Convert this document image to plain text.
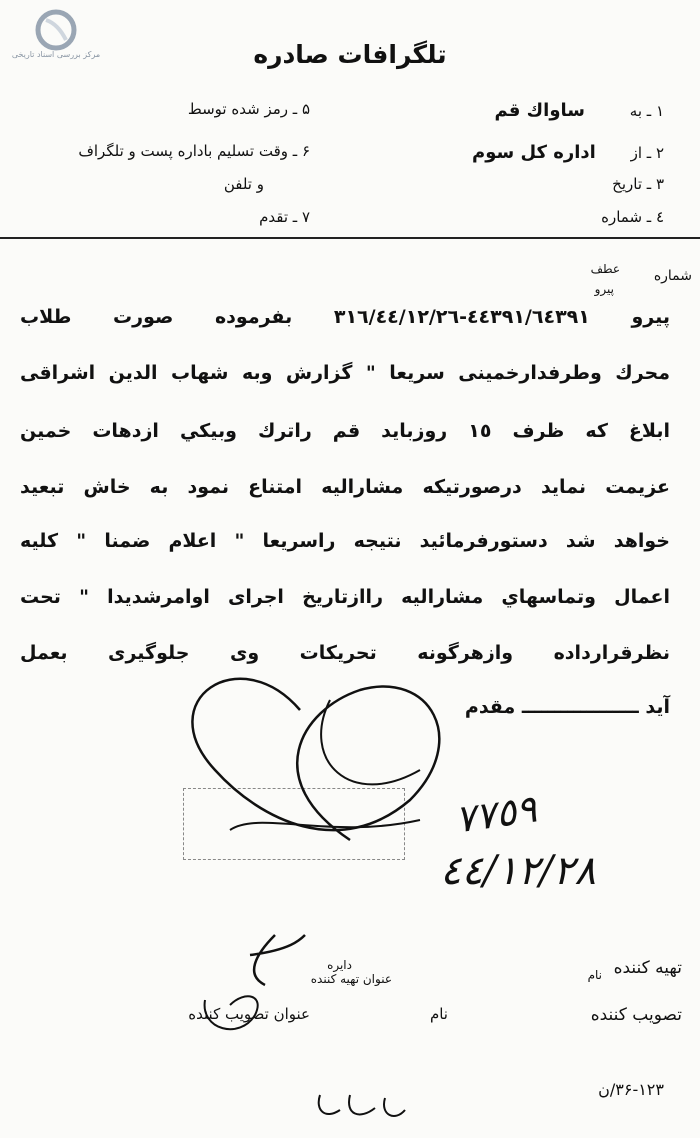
مرکز بررسی اسناد تاریخی	تلگرافات صادره
۱ ـ به ساواك قم
۲ ـ از اداره كل سوم
۳ ـ تاريخ
٤ ـ شماره
۵ ـ رمز شده توسط
۶ ـ وقت تسليم باداره پست و تلگراف
و تلفن
۷ ـ تقدم
شماره
عطف
پيرو
پيرو ٤٤٣٩١/٦٤٣٩١-٣١٦/٤٤/١٢/٢٦ بفرموده صورت طلاب
محرك وطرفدارخمينی سريعا " گزارش وبه شهاب الدين اشراقی
ابلاغ كه ظرف ١٥ روزبايد قم راترك وبيكي ازدهات خمين
عزيمت نمايد درصورتيكه مشاراليه امتناع نمود به خاش تبعيد
خواهد شد دستورفرمائيد نتيجه راسريعا " اعلام ضمنا " كليه
اعمال وتماسهاي مشاراليه راازتاريخ اجرای اوامرشديدا " تحت
نظرقرارداده وازهرگونه تحريكات وی جلوگيری بعمل
آيد ــــــــــــــــــ مقدم
٧٧٥٩
٤٤/١٢/٢٨
تهيه كننده
نام
دايره
عنوان تهيه كننده
تصويب كننده
نام
عنوان تصويب كننده
۳۶-۱۲۳/ن
